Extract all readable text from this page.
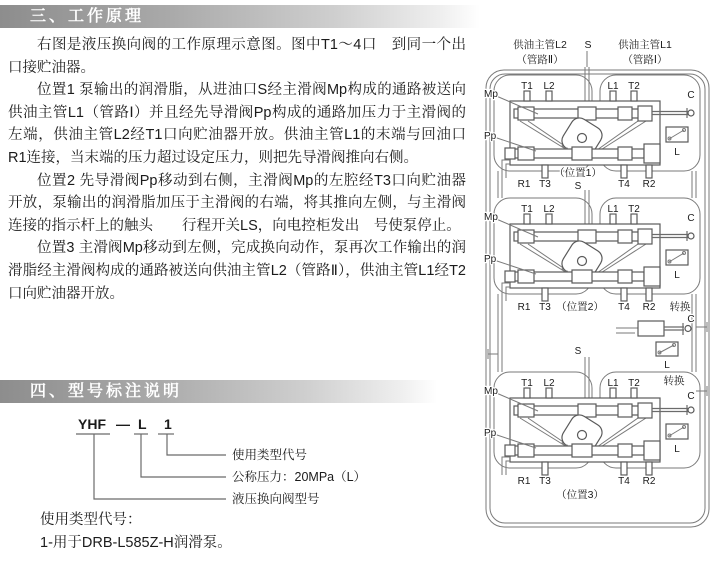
三、工作原理

右图是液压换向阀的工作原理示意图。图中T1～4口　到同一个出口接贮油器。

位置1 泵输出的润滑脂，从进油口S经主滑阀Mp构成的通路被送向供油主管L1（管路Ⅰ）并且经先导滑阀Pp构成的通路加压力于主滑阀的左端，供油主管L2经T1口向贮油器开放。供油主管L1的末端与回油口R1连接，当末端的压力超过设定压力，则把先导滑阀推向右侧。

位置2 先导滑阀Pp移动到右侧，主滑阀Mp的左腔经T3口向贮油器开放，泵输出的润滑脂加压于主滑阀的右端，将其推向左侧，与主滑阀连接的指示杆上的触头　　行程开关LS，向电控柜发出　号使泵停止。

位置3 主滑阀Mp移动到左侧，完成换向动作，泵再次工作输出的润滑脂经主滑阀构成的通路被送向供油主管L2（管路Ⅱ），供油主管L1经T2口向贮油器开放。

四、型号标注说明
YHF — L 1
使用类型代号
公称压力：20MPa（L）
液压换向阀型号
使用类型代号：
1-用于DRB-L585Z-H润滑泵。
供油主管L2
（管路Ⅱ）
S	供油主管L1
（管路Ⅰ）
Mp
Pp
T1 L2	L1 T2
C
L
（位置1）
R1 T3 S	T4 R2
Mp
Pp
T1 L2	L1 T2
C
L
R1 T3 （位置2） T4 R2 转换
C
L
S
转换
Mp
Pp
T1 L2	L1 T2
C
L
R1 T3	T4 R2
（位置3）
